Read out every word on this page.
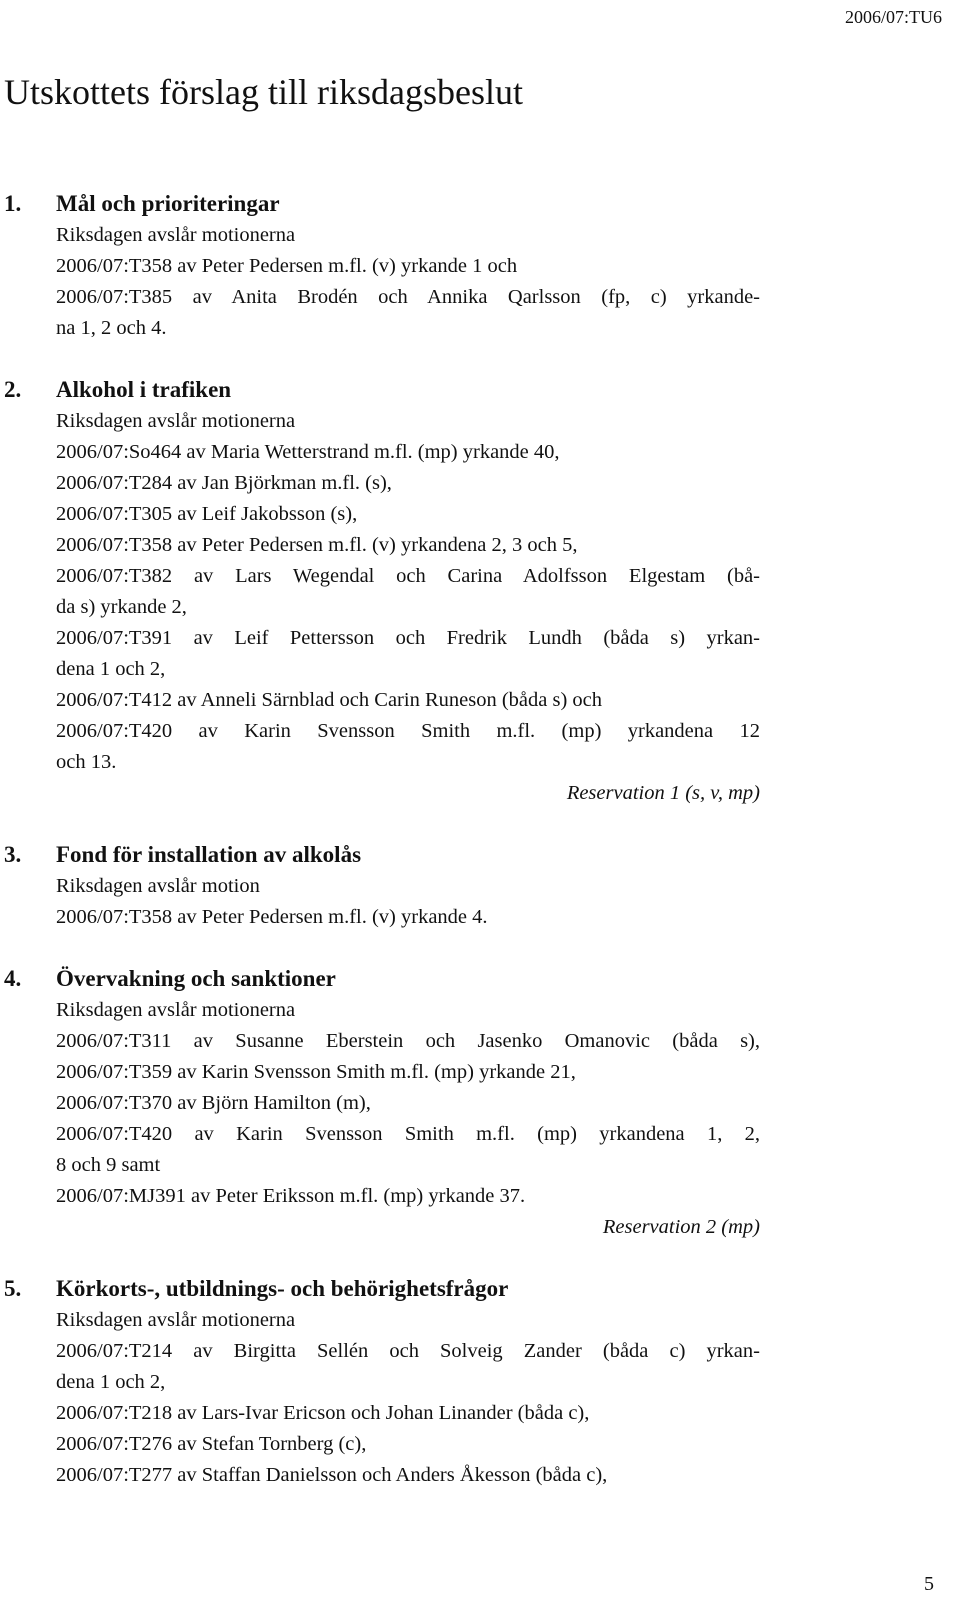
2006/07:TU6
Utskottets förslag till riksdagsbeslut
1. Mål och prioriteringar
Riksdagen avslår motionerna
2006/07:T358 av Peter Pedersen m.fl. (v) yrkande 1 och
2006/07:T385 av Anita Brodén och Annika Qarlsson (fp, c) yrkande-
na 1, 2 och 4.
2. Alkohol i trafiken
Riksdagen avslår motionerna
2006/07:So464 av Maria Wetterstrand m.fl. (mp) yrkande 40,
2006/07:T284 av Jan Björkman m.fl. (s),
2006/07:T305 av Leif Jakobsson (s),
2006/07:T358 av Peter Pedersen m.fl. (v) yrkandena 2, 3 och 5,
2006/07:T382 av Lars Wegendal och Carina Adolfsson Elgestam (bå-
da s) yrkande 2,
2006/07:T391 av Leif Pettersson och Fredrik Lundh (båda s) yrkan-
dena 1 och 2,
2006/07:T412 av Anneli Särnblad och Carin Runeson (båda s) och
2006/07:T420 av Karin Svensson Smith m.fl. (mp) yrkandena 12
och 13.
Reservation 1 (s, v, mp)
3. Fond för installation av alkolås
Riksdagen avslår motion
2006/07:T358 av Peter Pedersen m.fl. (v) yrkande 4.
4. Övervakning och sanktioner
Riksdagen avslår motionerna
2006/07:T311 av Susanne Eberstein och Jasenko Omanovic (båda s),
2006/07:T359 av Karin Svensson Smith m.fl. (mp) yrkande 21,
2006/07:T370 av Björn Hamilton (m),
2006/07:T420 av Karin Svensson Smith m.fl. (mp) yrkandena 1, 2,
8 och 9 samt
2006/07:MJ391 av Peter Eriksson m.fl. (mp) yrkande 37.
Reservation 2 (mp)
5. Körkorts-, utbildnings- och behörighetsfrågor
Riksdagen avslår motionerna
2006/07:T214 av Birgitta Sellén och Solveig Zander (båda c) yrkan-
dena 1 och 2,
2006/07:T218 av Lars-Ivar Ericson och Johan Linander (båda c),
2006/07:T276 av Stefan Tornberg (c),
2006/07:T277 av Staffan Danielsson och Anders Åkesson (båda c),
5
